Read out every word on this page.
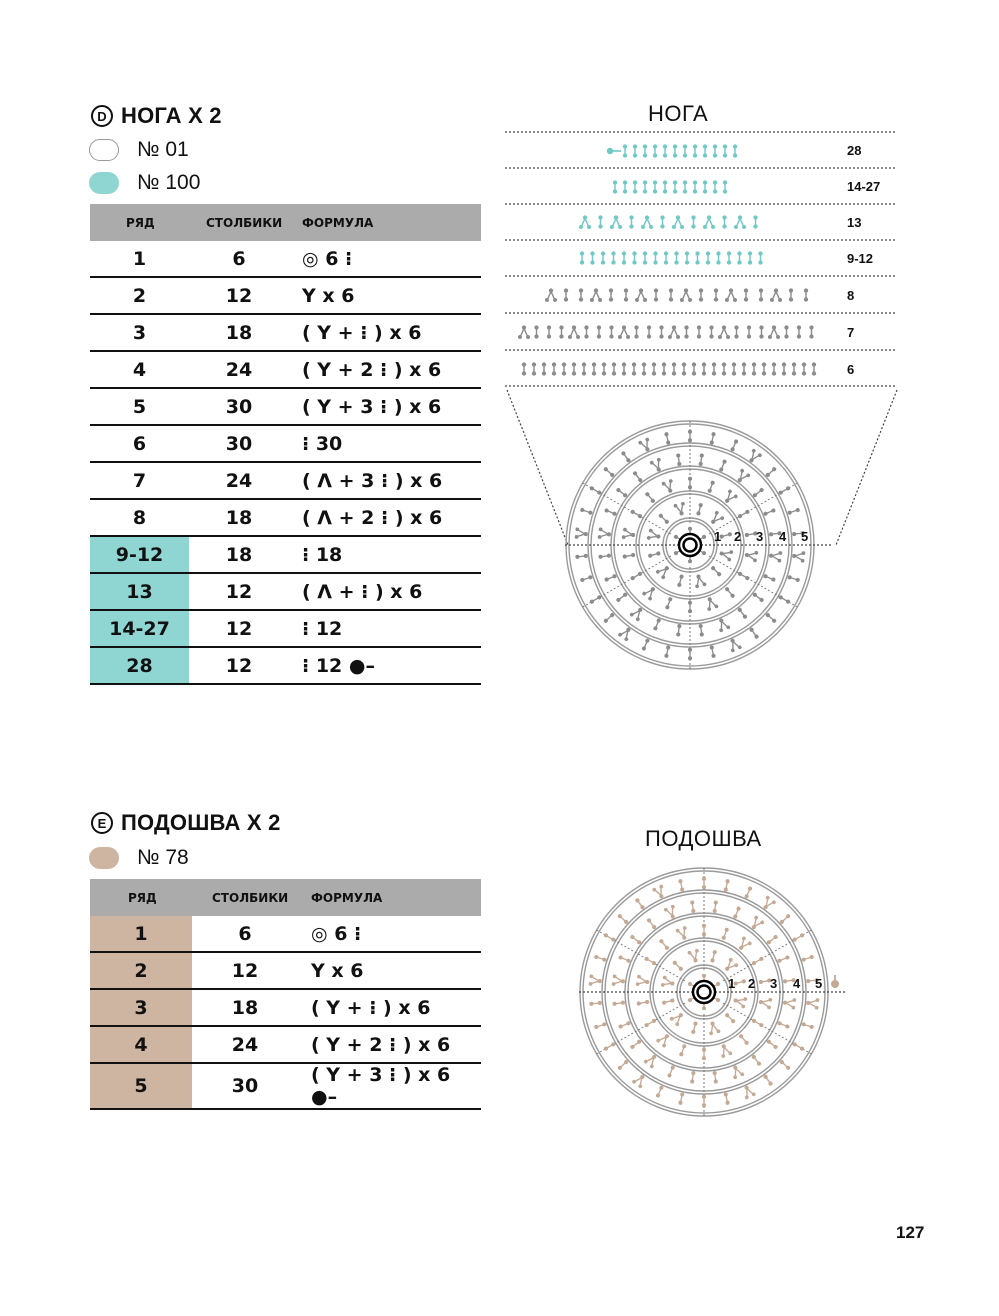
D НОГА Х 2
№ 01
№ 100
РЯД	СТОЛБИКИ	ФОРМУЛА
1	6	◎ 6 ⁝
2	12	Y x 6
3	18	( Y + ⁝ ) x 6
4	24	( Y + 2 ⁝ ) x 6
5	30	( Y + 3 ⁝ ) x 6
6	30	⁝ 30
7	24	( Λ + 3 ⁝ ) x 6
8	18	( Λ + 2 ⁝ ) x 6
9-12	18	⁝ 18
13	12	( Λ + ⁝ ) x 6
14-27	12	⁝ 12
28	12	⁝ 12 ●–
E ПОДОШВА Х 2
№ 78
РЯД	СТОЛБИКИ	ФОРМУЛА
1	6	◎ 6 ⁝
2	12	Y x 6
3	18	( Y + ⁝ ) x 6
4	24	( Y + 2 ⁝ ) x 6
5	30	( Y + 3 ⁝ ) x 6 ●–
НОГА
1 2 3 4 5
1 2 3 4 5
28
14-27
13
9-12
8
7
6
ПОДОШВА
127
